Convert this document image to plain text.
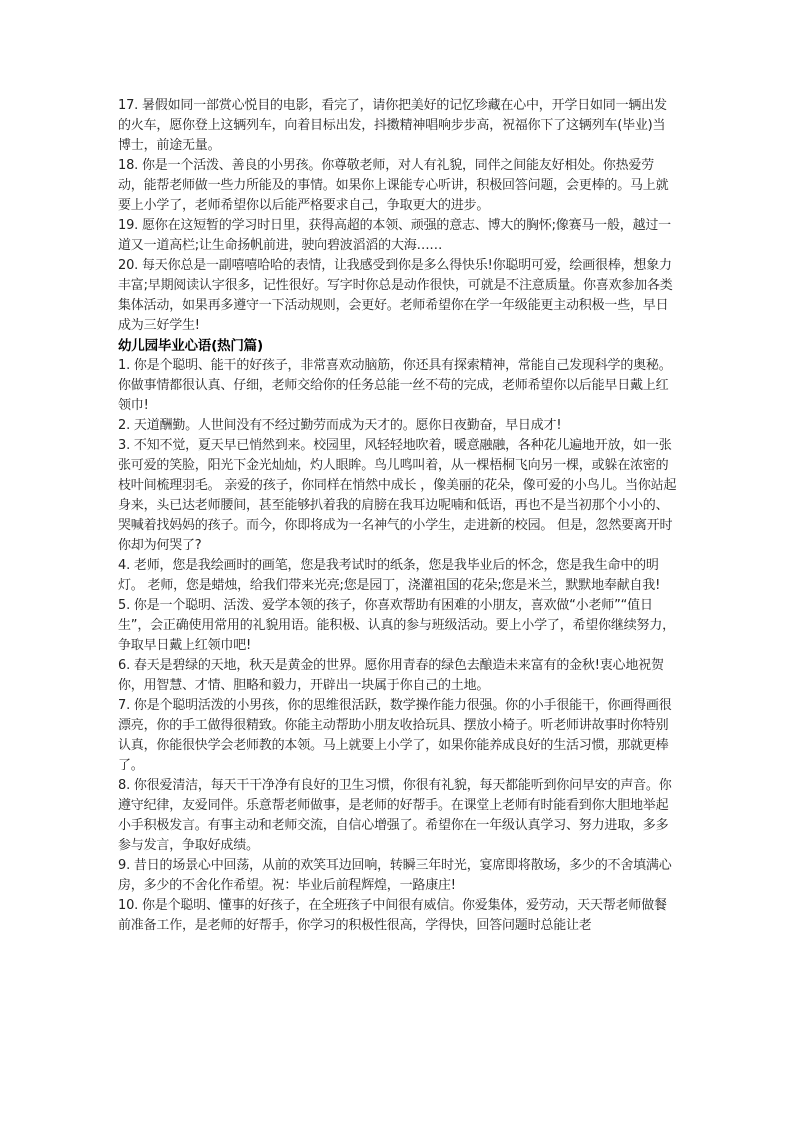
17. 暑假如同一部赏心悦目的电影，看完了，请你把美好的记忆珍藏在心中，开学日如同一辆出发的火车，愿你登上这辆列车，向着目标出发，抖擞精神唱响步步高，祝福你下了这辆列车(毕业)当博士，前途无量。

18. 你是一个活泼、善良的小男孩。你尊敬老师，对人有礼貌，同伴之间能友好相处。你热爱劳动，能帮老师做一些力所能及的事情。如果你上课能专心听讲，积极回答问题，会更棒的。马上就要上小学了，老师希望你以后能严格要求自己，争取更大的进步。

19. 愿你在这短暂的学习时日里，获得高超的本领、顽强的意志、博大的胸怀;像赛马一般，越过一道又一道高栏;让生命扬帆前进，驶向碧波滔滔的大海……

20. 每天你总是一副嘻嘻哈哈的表情，让我感受到你是多么得快乐!你聪明可爱，绘画很棒，想象力丰富;早期阅读认字很多，记性很好。写字时你总是动作很快，可就是不注意质量。你喜欢参加各类集体活动，如果再多遵守一下活动规则，会更好。老师希望你在学一年级能更主动积极一些，早日成为三好学生!

幼儿园毕业心语(热门篇)

1. 你是个聪明、能干的好孩子，非常喜欢动脑筋，你还具有探索精神，常能自己发现科学的奥秘。你做事情都很认真、仔细，老师交给你的任务总能一丝不苟的完成，老师希望你以后能早日戴上红领巾!

2. 天道酬勤。人世间没有不经过勤劳而成为天才的。愿你日夜勤奋，早日成才!

3. 不知不觉，夏天早已悄然到来。校园里，风轻轻地吹着，暖意融融，各种花儿遍地开放，如一张张可爱的笑脸，阳光下金光灿灿，灼人眼眸。鸟儿鸣叫着，从一棵梧桐飞向另一棵，或躲在浓密的枝叶间梳理羽毛。 亲爱的孩子，你同样在悄然中成长 ，像美丽的花朵，像可爱的小鸟儿。当你站起身来，头已达老师腰间，甚至能够扒着我的肩膀在我耳边呢喃和低语，再也不是当初那个小小的、哭喊着找妈妈的孩子。而今，你即将成为一名神气的小学生，走进新的校园。 但是，忽然要离开时你却为何哭了?

4. 老师，您是我绘画时的画笔，您是我考试时的纸条，您是我毕业后的怀念，您是我生命中的明灯。 老师，您是蜡烛，给我们带来光亮;您是园丁，浇灌祖国的花朵;您是米兰，默默地奉献自我!

5. 你是一个聪明、活泼、爱学本领的孩子，你喜欢帮助有困难的小朋友，喜欢做“小老师”“值日生”，会正确使用常用的礼貌用语。能积极、认真的参与班级活动。要上小学了，希望你继续努力，争取早日戴上红领巾吧!

6. 春天是碧绿的天地，秋天是黄金的世界。愿你用青春的绿色去酿造未来富有的金秋!衷心地祝贺你，用智慧、才情、胆略和毅力，开辟出一块属于你自己的土地。

7. 你是个聪明活泼的小男孩，你的思维很活跃，数学操作能力很强。你的小手很能干，你画得画很漂亮，你的手工做得很精致。你能主动帮助小朋友收拾玩具、摆放小椅子。听老师讲故事时你特别认真，你能很快学会老师教的本领。马上就要上小学了，如果你能养成良好的生活习惯，那就更棒了。

8. 你很爱清洁，每天干干净净有良好的卫生习惯，你很有礼貌，每天都能听到你问早安的声音。你遵守纪律，友爱同伴。乐意帮老师做事，是老师的好帮手。在课堂上老师有时能看到你大胆地举起小手积极发言。有事主动和老师交流，自信心增强了。希望你在一年级认真学习、努力进取，多多参与发言，争取好成绩。

9. 昔日的场景心中回荡，从前的欢笑耳边回响，转瞬三年时光，宴席即将散场，多少的不舍填满心房，多少的不舍化作希望。祝：毕业后前程辉煌，一路康庄!

10. 你是个聪明、懂事的好孩子，在全班孩子中间很有威信。你爱集体，爱劳动，天天帮老师做餐前准备工作，是老师的好帮手，你学习的积极性很高，学得快，回答问题时总能让老
